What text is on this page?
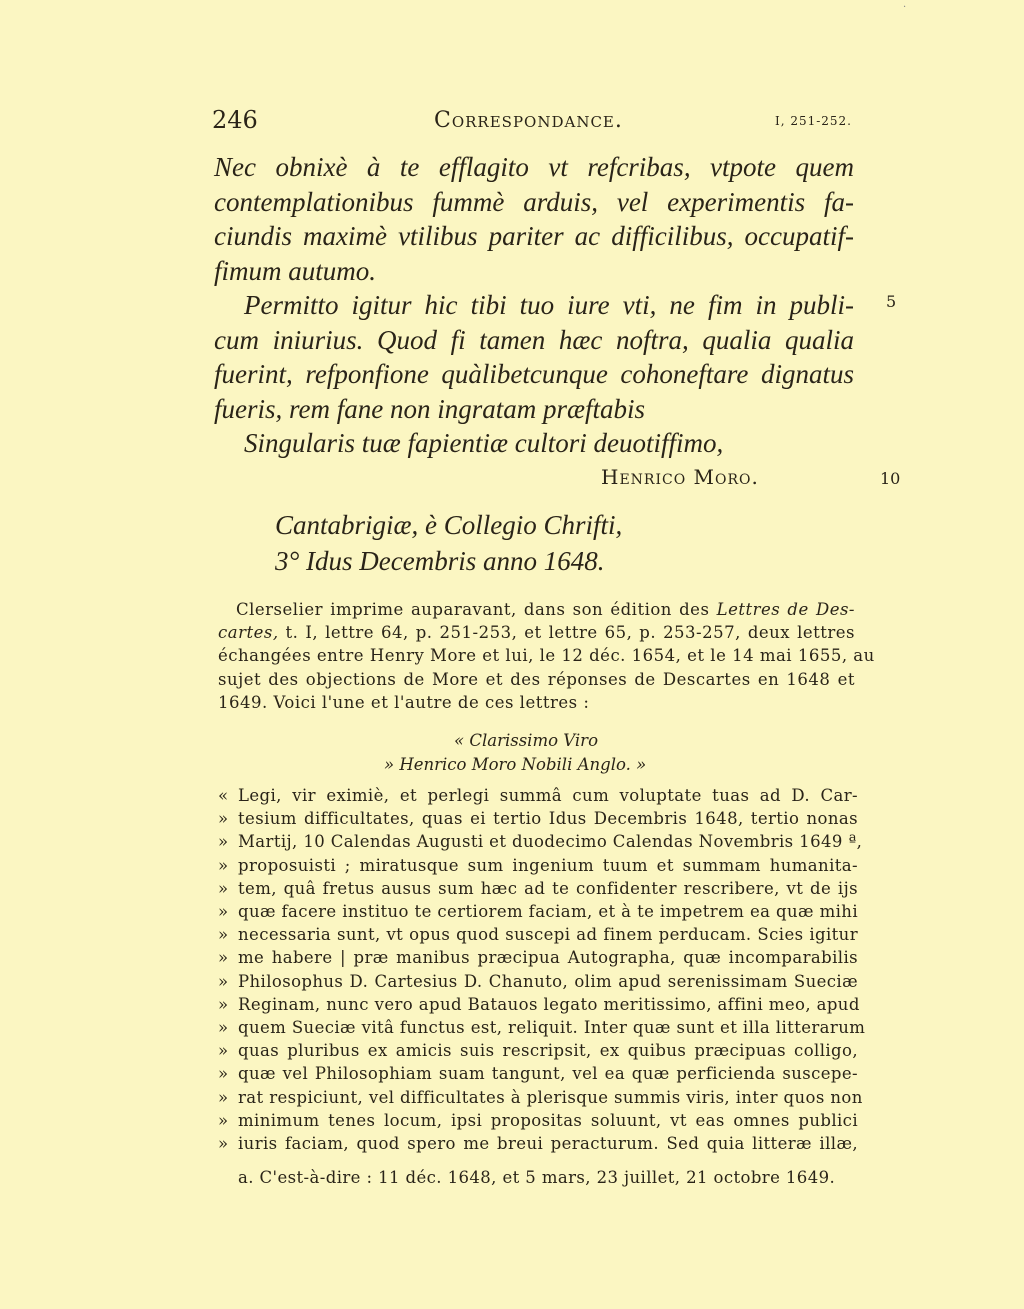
246	Correspondance.	I, 251-252.

Nec obnixè à te efflagito vt refcribas, vtpote quem
contemplationibus fummè arduis, vel experimentis fa-
ciundis maximè vtilibus pariter ac difficilibus, occupatif-
fimum autumo.

Permitto igitur hic tibi tuo iure vti, ne fim in publi-
cum iniurius. Quod fi tamen hæc noftra, qualia qualia
fuerint, refponfione quàlibetcunque cohoneftare dignatus
fueris, rem fane non ingratam præftabis

Singularis tuæ fapientiæ cultori deuotiffimo,

5
10
Henrico Moro.
Cantabrigiæ, è Collegio Chrifti,
3° Idus Decembris anno 1648.
Clerselier imprime auparavant, dans son édition des Lettres de Des-
cartes, t. I, lettre 64, p. 251-253, et lettre 65, p. 253-257, deux lettres
échangées entre Henry More et lui, le 12 déc. 1654, et le 14 mai 1655, au
sujet des objections de More et des réponses de Descartes en 1648 et
1649. Voici l'une et l'autre de ces lettres :
« Clarissimo Viro
» Henrico Moro Nobili Anglo. »
« Legi, vir eximiè, et perlegi summâ cum voluptate tuas ad D. Car-
» tesium difficultates, quas ei tertio Idus Decembris 1648, tertio nonas
» Martij, 10 Calendas Augusti et duodecimo Calendas Novembris 1649 ª,
» proposuisti ; miratusque sum ingenium tuum et summam humanita-
» tem, quâ fretus ausus sum hæc ad te confidenter rescribere, vt de ijs
» quæ facere instituo te certiorem faciam, et à te impetrem ea quæ mihi
» necessaria sunt, vt opus quod suscepi ad finem perducam. Scies igitur
» me habere | præ manibus præcipua Autographa, quæ incomparabilis
» Philosophus D. Cartesius D. Chanuto, olim apud serenissimam Sueciæ
» Reginam, nunc vero apud Batauos legato meritissimo, affini meo, apud
» quem Sueciæ vitâ functus est, reliquit. Inter quæ sunt et illa litterarum
» quas pluribus ex amicis suis rescripsit, ex quibus præcipuas colligo,
» quæ vel Philosophiam suam tangunt, vel ea quæ perficienda suscepe-
» rat respiciunt, vel difficultates à plerisque summis viris, inter quos non
» minimum tenes locum, ipsi propositas soluunt, vt eas omnes publici
» iuris faciam, quod spero me breui peracturum. Sed quia litteræ illæ,
a. C'est-à-dire : 11 déc. 1648, et 5 mars, 23 juillet, 21 octobre 1649.
·
